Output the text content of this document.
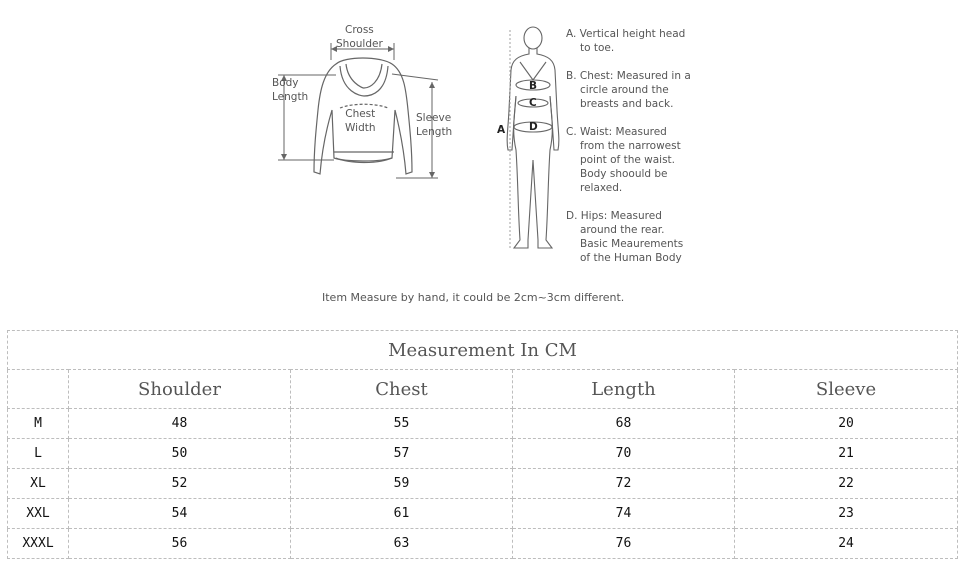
Cross
Shoulder
Body
Length
Chest
Width
Sleeve
Length	A
B
C
D

A. Vertical height head
to toe.

B. Chest: Measured in a
circle around the
breasts and back.

C. Waist: Measured
from the narrowest
point of the waist.
Body shoould be
relaxed.

D. Hips: Measured
around the rear.
Basic Meaurements
of the Human Body

Item Measure by hand, it could be 2cm~3cm different.
Measurement In CM				
	Shoulder	Chest	Length	Sleeve
M	48	55	68	20
L	50	57	70	21
XL	52	59	72	22
XXL	54	61	74	23
XXXL	56	63	76	24
